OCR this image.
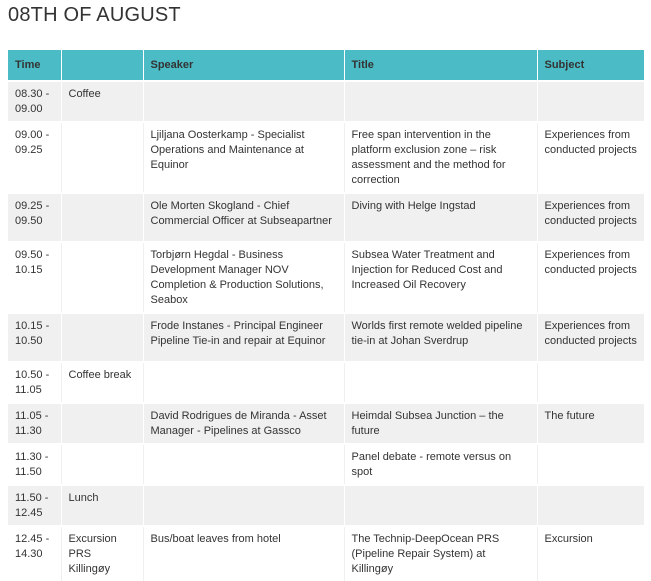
08TH OF AUGUST
Time		Speaker	Title	Subject
08.30 - 09.00	Coffee			
09.00 - 09.25		Ljiljana Oosterkamp - Specialist Operations and Maintenance at Equinor	Free span intervention in the platform exclusion zone – risk assessment and the method for correction	Experiences from conducted projects
09.25 - 09.50		Ole Morten Skogland - Chief Commercial Officer at Subseapartner	Diving with Helge Ingstad	Experiences from conducted projects
09.50 - 10.15		Torbjørn Hegdal - Business Development Manager NOV Completion & Production Solutions, Seabox	Subsea Water Treatment and Injection for Reduced Cost and Increased Oil Recovery	Experiences from conducted projects
10.15 - 10.50		Frode Instanes - Principal Engineer Pipeline Tie-in and repair at Equinor	Worlds first remote welded pipeline tie-in at Johan Sverdrup	Experiences from conducted projects
10.50 - 11.05	Coffee break			
11.05 - 11.30		David Rodrigues de Miranda - Asset Manager - Pipelines at Gassco	Heimdal Subsea Junction – the future	The future
11.30 - 11.50			Panel debate - remote versus on spot	
11.50 - 12.45	Lunch			
12.45 - 14.30	Excursion PRS Killingøy	Bus/boat leaves from hotel	The Technip-DeepOcean PRS (Pipeline Repair System) at Killingøy	Excursion
